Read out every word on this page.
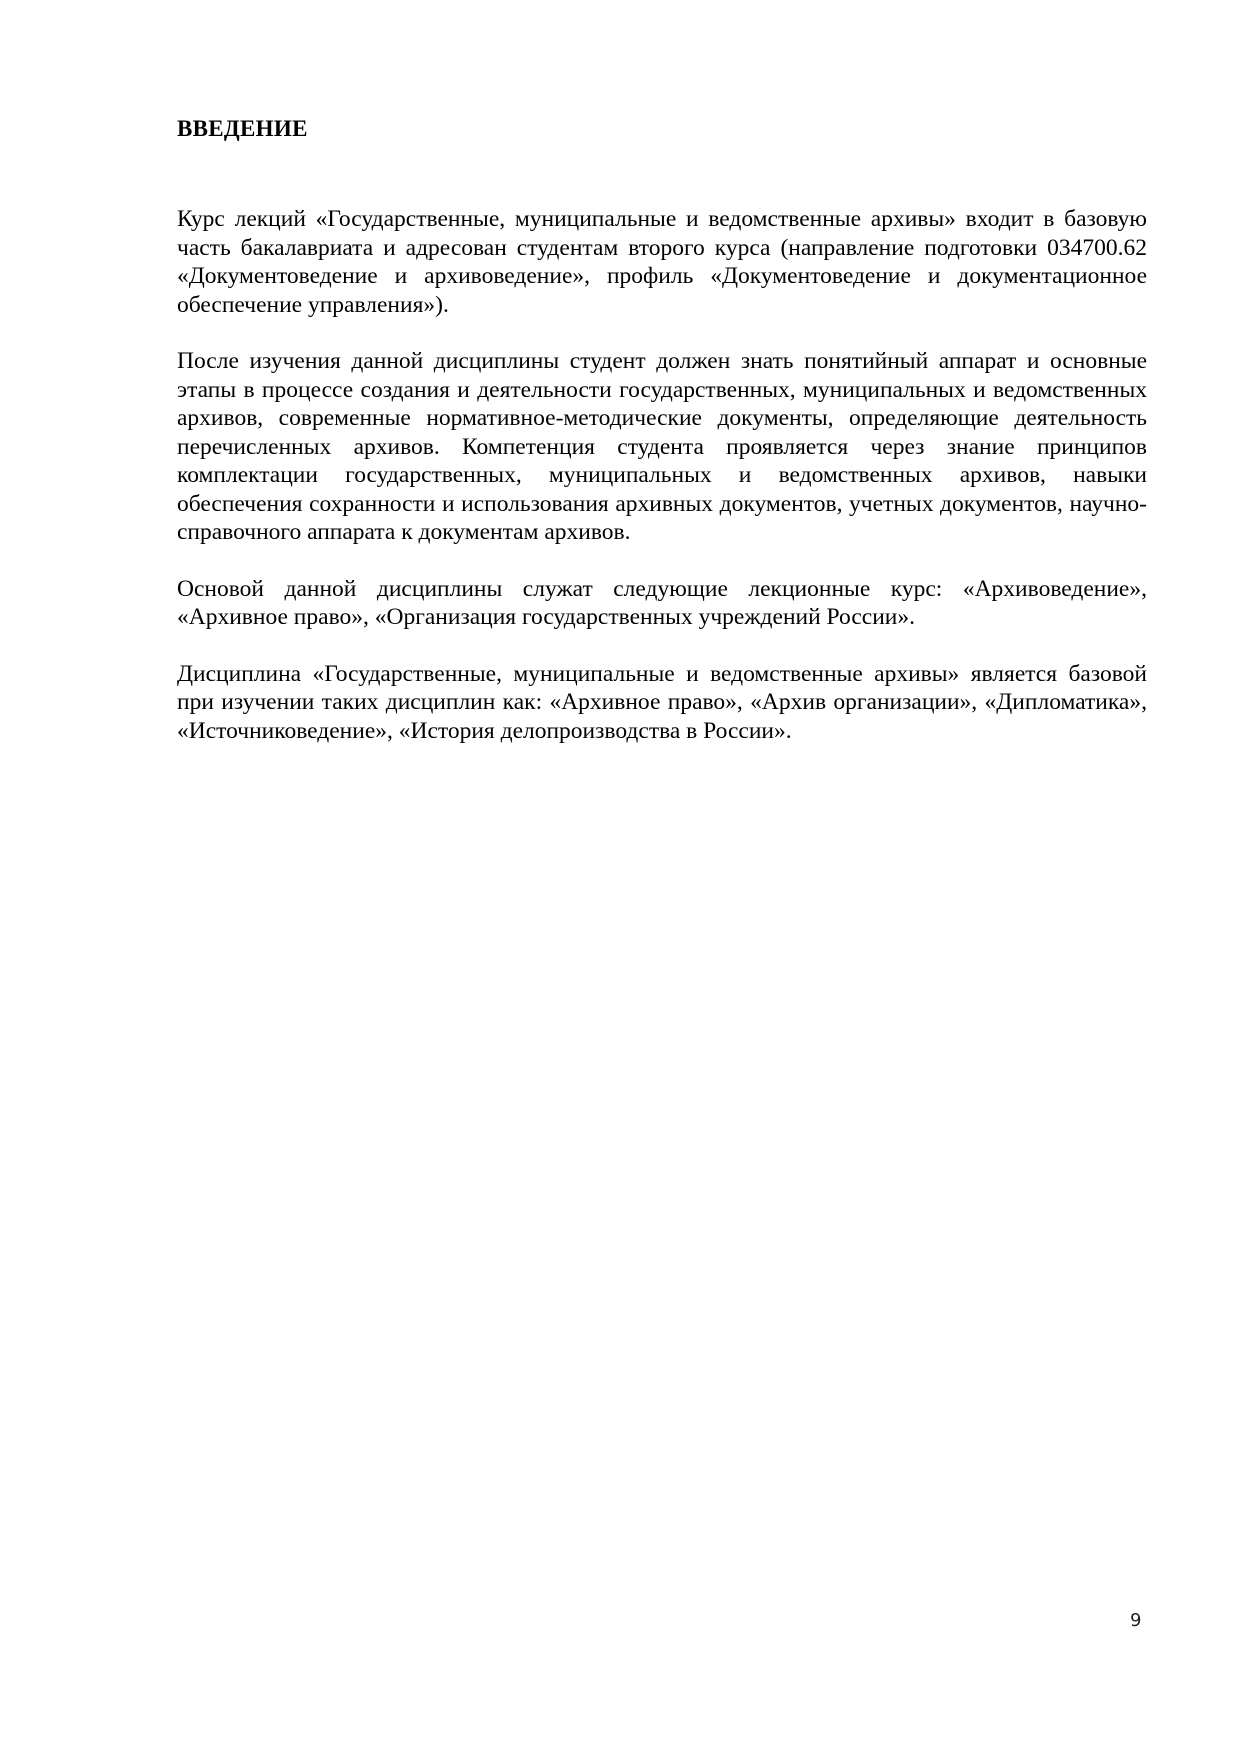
ВВЕДЕНИЕ

Курс лекций «Государственные, муниципальные и ведомственные архивы» входит в базовую часть бакалавриата и адресован студентам второго курса (направление подготовки 034700.62 «Документоведение и архивоведение», профиль «Документоведение и документационное обеспечение управления»).

После изучения данной дисциплины студент должен знать понятийный аппарат и основные этапы в процессе создания и деятельности государственных, муниципальных и ведомственных архивов, современные нормативное-методические документы, определяющие деятельность перечисленных архивов. Компетенция студента проявляется через знание принципов комплектации государственных, муниципальных и ведомственных архивов, навыки обеспечения сохранности и использования архивных документов, учетных документов, научно-справочного аппарата к документам архивов.

Основой данной дисциплины служат следующие лекционные курс: «Архивоведение», «Архивное право», «Организация государственных учреждений России».

Дисциплина «Государственные, муниципальные и ведомственные архивы» является базовой при изучении таких дисциплин как: «Архивное право», «Архив организации», «Дипломатика», «Источниковедение», «История делопроизводства в России».

9
